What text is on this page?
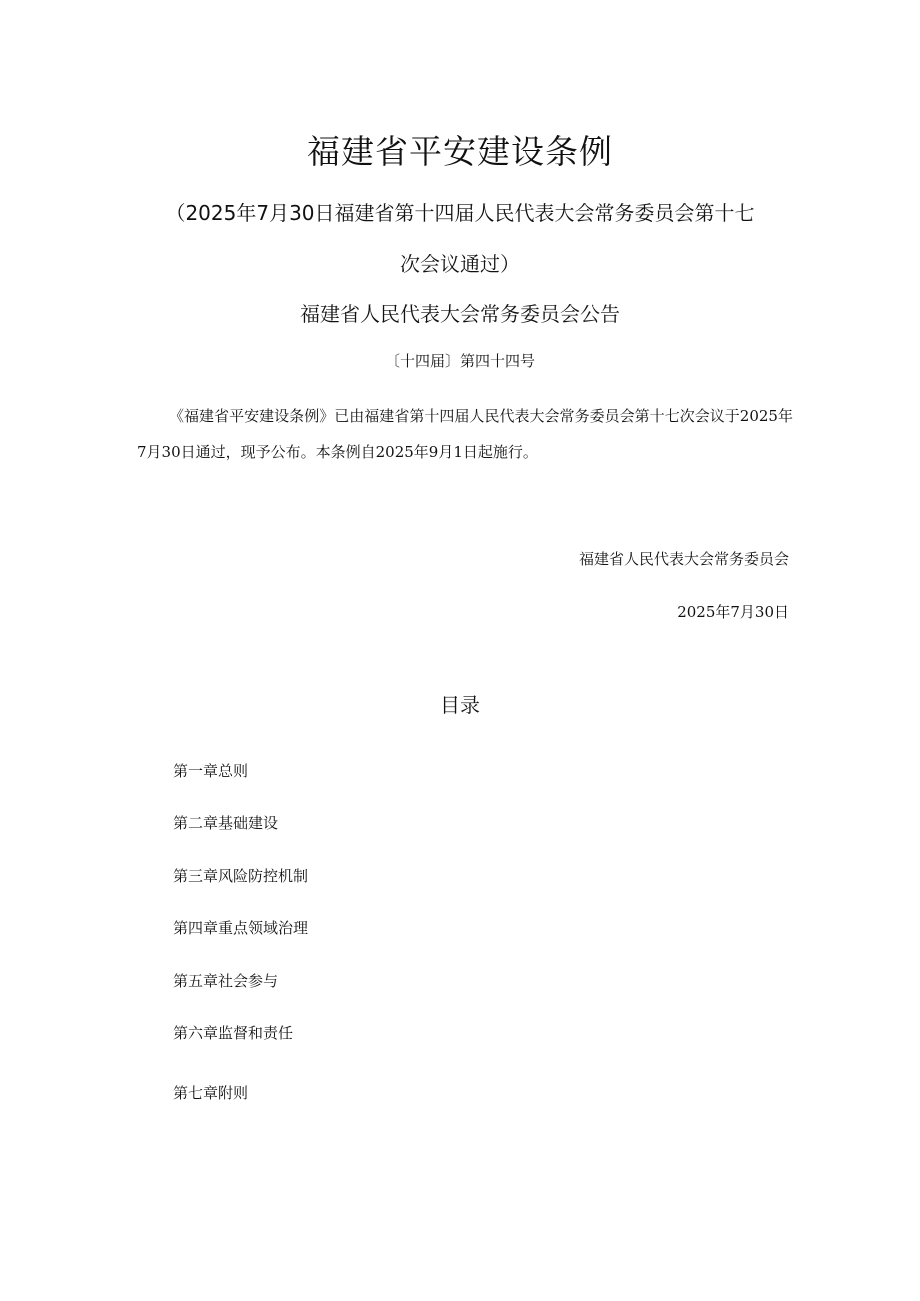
福建省平安建设条例
（2025年7月30日福建省第十四届人民代表大会常务委员会第十七
次会议通过）
福建省人民代表大会常务委员会公告
〔十四届〕第四十四号

《福建省平安建设条例》已由福建省第十四届人民代表大会常务委员会第十七次会议于2025年7月30日通过，现予公布。本条例自2025年9月1日起施行。

福建省人民代表大会常务委员会
2025年7月30日
目录
第一章总则
第二章基础建设
第三章风险防控机制
第四章重点领域治理
第五章社会参与
第六章监督和责任
第七章附则
